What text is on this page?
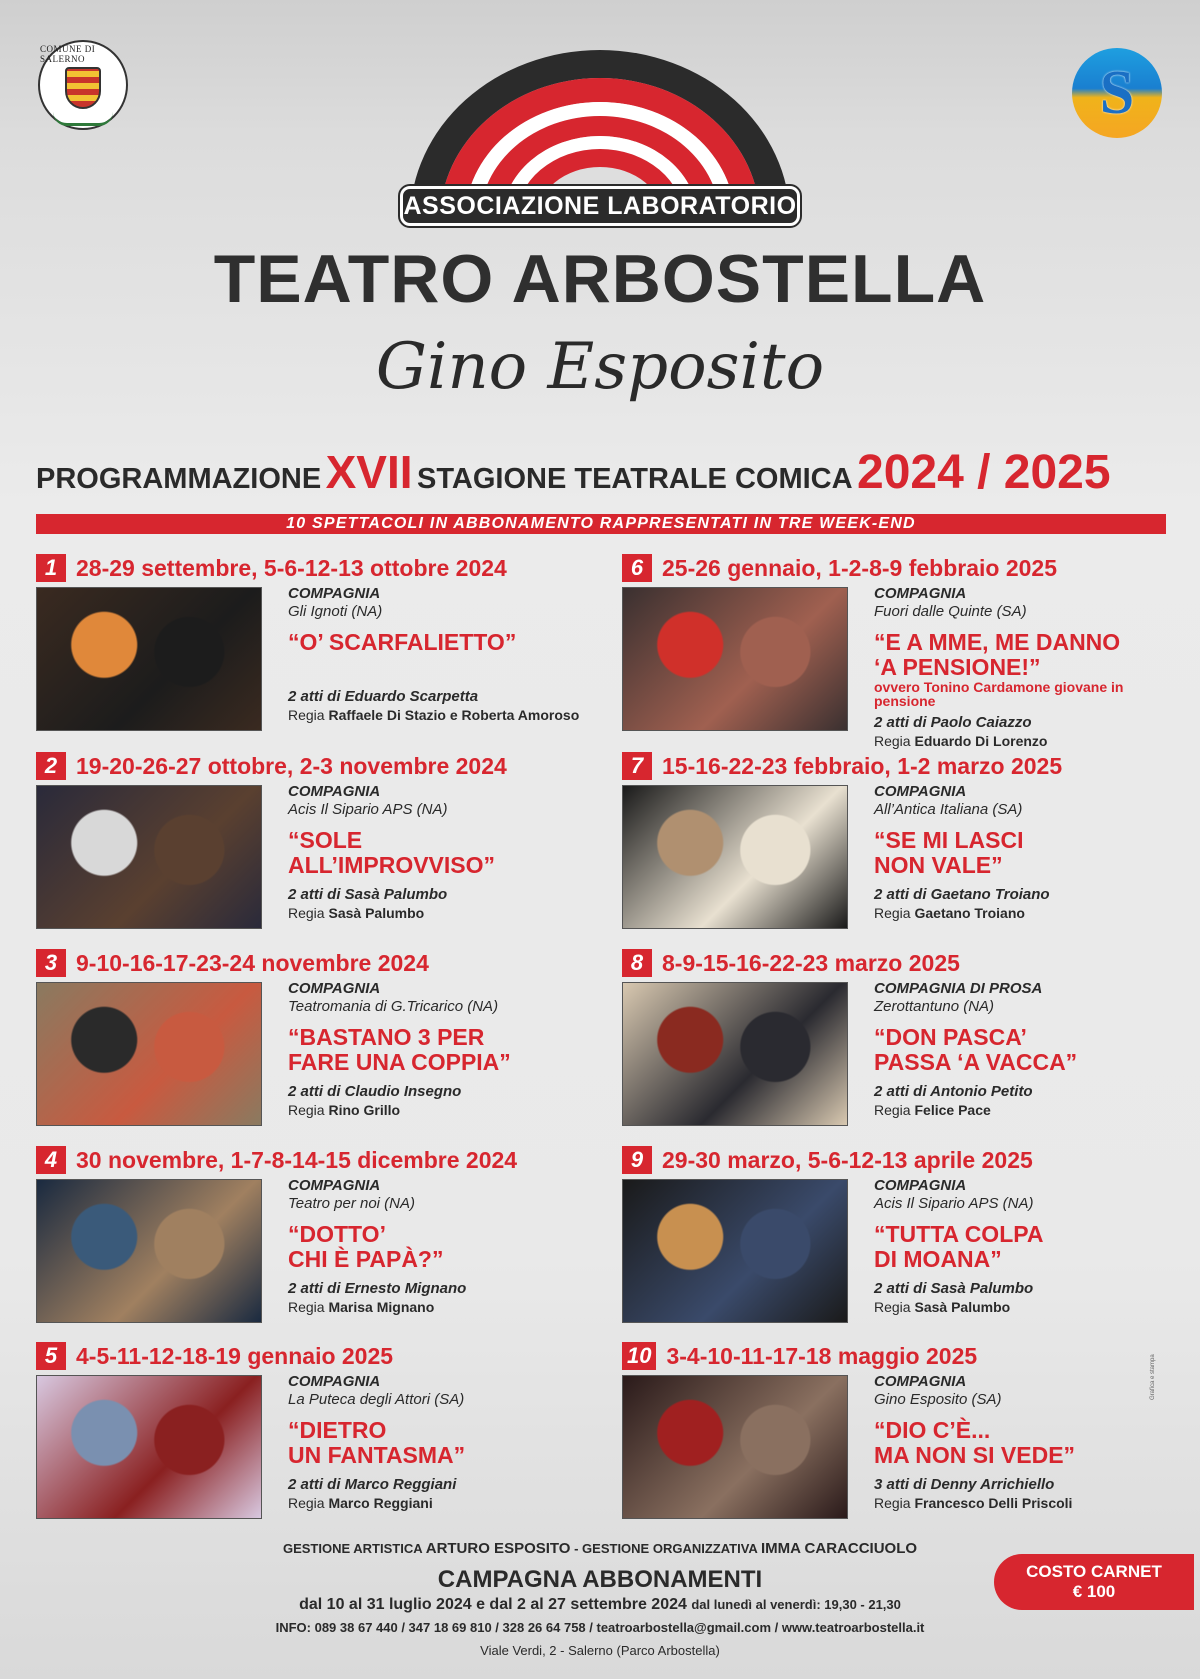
COMUNE DI SALERNO	S
ASSOCIAZIONE LABORATORIO
TEATRO ARBOSTELLA
Gino Esposito
PROGRAMMAZIONE XVII STAGIONE TEATRALE COMICA 2024 / 2025
10 SPETTACOLI IN ABBONAMENTO RAPPRESENTATI IN TRE WEEK-END
1 28-29 settembre, 5-6-12-13 ottobre 2024
COMPAGNIA
Gli Ignoti (NA)
“O’ SCARFALIETTO”
2 atti di Eduardo Scarpetta
Regia Raffaele Di Stazio e Roberta Amoroso
2 19-20-26-27 ottobre, 2-3 novembre 2024
COMPAGNIA
Acis Il Sipario APS (NA)
“SOLE
ALL’IMPROVVISO”
2 atti di Sasà Palumbo
Regia Sasà Palumbo
3 9-10-16-17-23-24 novembre 2024
COMPAGNIA
Teatromania di G.Tricarico (NA)
“BASTANO 3 PER
FARE UNA COPPIA”
2 atti di Claudio Insegno
Regia Rino Grillo
4 30 novembre, 1-7-8-14-15 dicembre 2024
COMPAGNIA
Teatro per noi (NA)
“DOTTO’
CHI È PAPÀ?”
2 atti di Ernesto Mignano
Regia Marisa Mignano
5 4-5-11-12-18-19 gennaio 2025
COMPAGNIA
La Puteca degli Attori (SA)
“DIETRO
UN FANTASMA”
2 atti di Marco Reggiani
Regia Marco Reggiani
6 25-26 gennaio, 1-2-8-9 febbraio 2025
COMPAGNIA
Fuori dalle Quinte (SA)
“E A MME, ME DANNO
‘A PENSIONE!”
ovvero Tonino Cardamone giovane in pensione
2 atti di Paolo Caiazzo
Regia Eduardo Di Lorenzo
7 15-16-22-23 febbraio, 1-2 marzo 2025
COMPAGNIA
All’Antica Italiana (SA)
“SE MI LASCI
NON VALE”
2 atti di Gaetano Troiano
Regia Gaetano Troiano
8 8-9-15-16-22-23 marzo 2025
COMPAGNIA DI PROSA
Zerottantuno (NA)
“DON PASCA’
PASSA ‘A VACCA”
2 atti di Antonio Petito
Regia Felice Pace
9 29-30 marzo, 5-6-12-13 aprile 2025
COMPAGNIA
Acis Il Sipario APS (NA)
“TUTTA COLPA
DI MOANA”
2 atti di Sasà Palumbo
Regia Sasà Palumbo
10 3-4-10-11-17-18 maggio 2025
COMPAGNIA
Gino Esposito (SA)
“DIO C’È...
MA NON SI VEDE”
3 atti di Denny Arrichiello
Regia Francesco Delli Priscoli
GESTIONE ARTISTICA ARTURO ESPOSITO - GESTIONE ORGANIZZATIVA IMMA CARACCIUOLO
CAMPAGNA ABBONAMENTI
dal 10 al 31 luglio 2024 e dal 2 al 27 settembre 2024 dal lunedì al venerdì: 19,30 - 21,30
INFO: 089 38 67 440 / 347 18 69 810 / 328 26 64 758 / teatroarbostella@gmail.com / www.teatroarbostella.it
Viale Verdi, 2 - Salerno (Parco Arbostella)
COSTO CARNET
€ 100
Grafica e stampa
